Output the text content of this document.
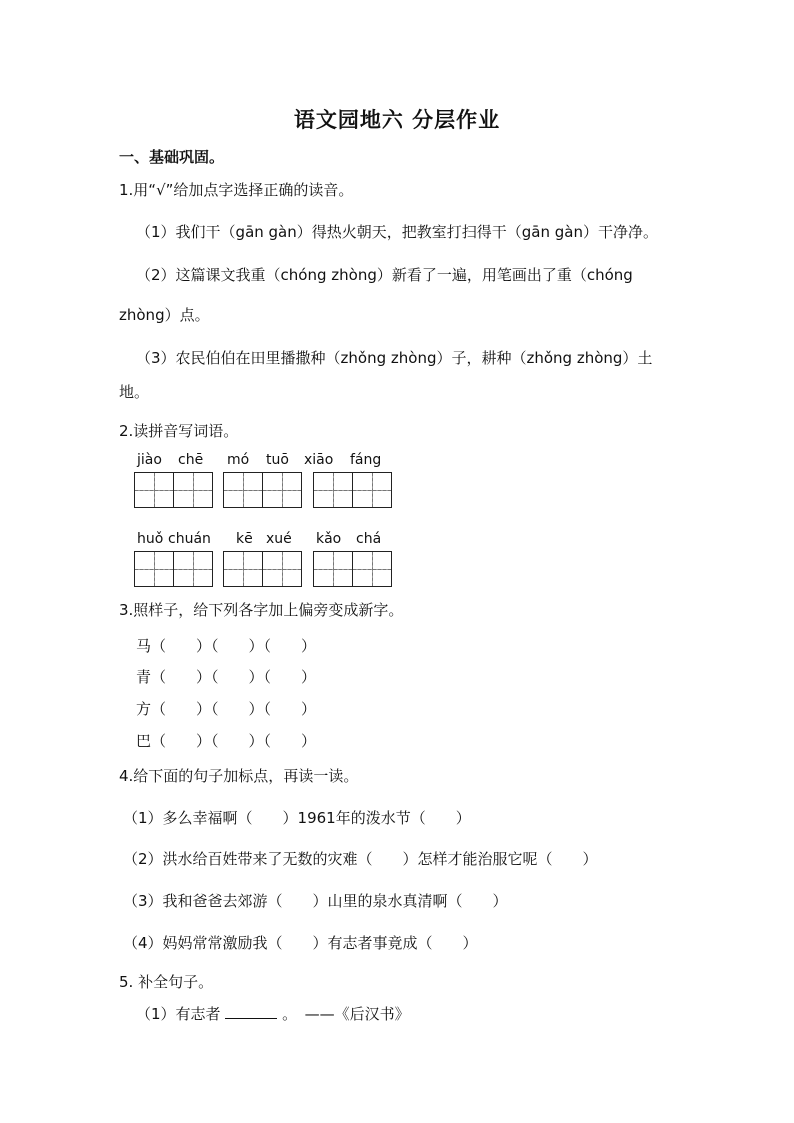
语文园地六 分层作业
一、基础巩固。
1.用“√”给加点字选择正确的读音。
（1）我们干（gān gàn）得热火朝天，把教室打扫得干（gān gàn）干净净。
（2）这篇课文我重（chóng zhòng）新看了一遍，用笔画出了重（chóng
zhòng）点。
（3）农民伯伯在田里播撒种（zhǒng zhòng）子，耕种（zhǒng zhòng）土
地。
2.读拼音写词语。
jiào chē mó tuō xiāo fáng
huǒ chuán kē xué kǎo chá
3.照样子，给下列各字加上偏旁变成新字。
马（　　）（　　）（　　）
青（　　）（　　）（　　）
方（　　）（　　）（　　）
巴（　　）（　　）（　　）
4.给下面的句子加标点，再读一读。
（1）多么幸福啊（　　）1961年的泼水节（　　）
（2）洪水给百姓带来了无数的灾难（　　）怎样才能治服它呢（　　）
（3）我和爸爸去郊游（　　）山里的泉水真清啊（　　）
（4）妈妈常常激励我（　　）有志者事竟成（　　）
5. 补全句子。
（1）有志者	。　——《后汉书》
